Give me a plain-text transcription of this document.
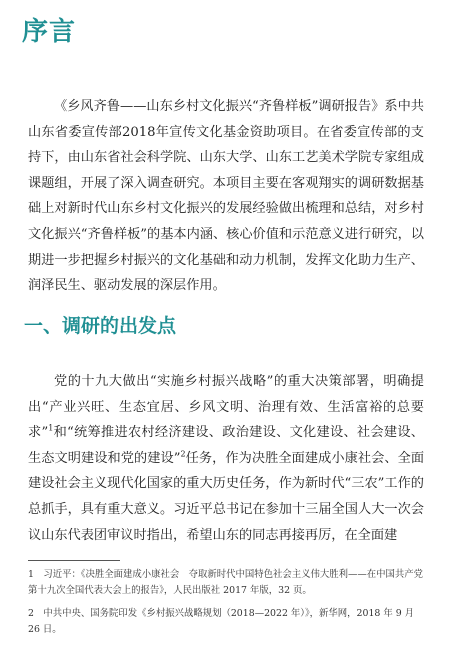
序言

《乡风齐鲁——山东乡村文化振兴“齐鲁样板”调研报告》系中共山东省委宣传部2018年宣传文化基金资助项目。在省委宣传部的支持下，由山东省社会科学院、山东大学、山东工艺美术学院专家组成课题组，开展了深入调查研究。本项目主要在客观翔实的调研数据基础上对新时代山东乡村文化振兴的发展经验做出梳理和总结，对乡村文化振兴“齐鲁样板”的基本内涵、核心价值和示范意义进行研究，以期进一步把握乡村振兴的文化基础和动力机制，发挥文化助力生产、润泽民生、驱动发展的深层作用。

一、调研的出发点

党的十九大做出“实施乡村振兴战略”的重大决策部署，明确提出“产业兴旺、生态宜居、乡风文明、治理有效、生活富裕的总要求”$^1$和“统筹推进农村经济建设、政治建设、文化建设、社会建设、生态文明建设和党的建设”$^2$任务，作为决胜全面建成小康社会、全面建设社会主义现代化国家的重大历史任务，作为新时代“三农”工作的总抓手，具有重大意义。习近平总书记在参加十三届全国人大一次会议山东代表团审议时指出，希望山东的同志再接再厉，在全面建

1　习近平：《决胜全面建成小康社会　夺取新时代中国特色社会主义伟大胜利——在中国共产党第十九次全国代表大会上的报告》，人民出版社 2017 年版，32 页。

2　中共中央、国务院印发《乡村振兴战略规划（2018—2022 年）》，新华网，2018 年 9 月 26 日。
